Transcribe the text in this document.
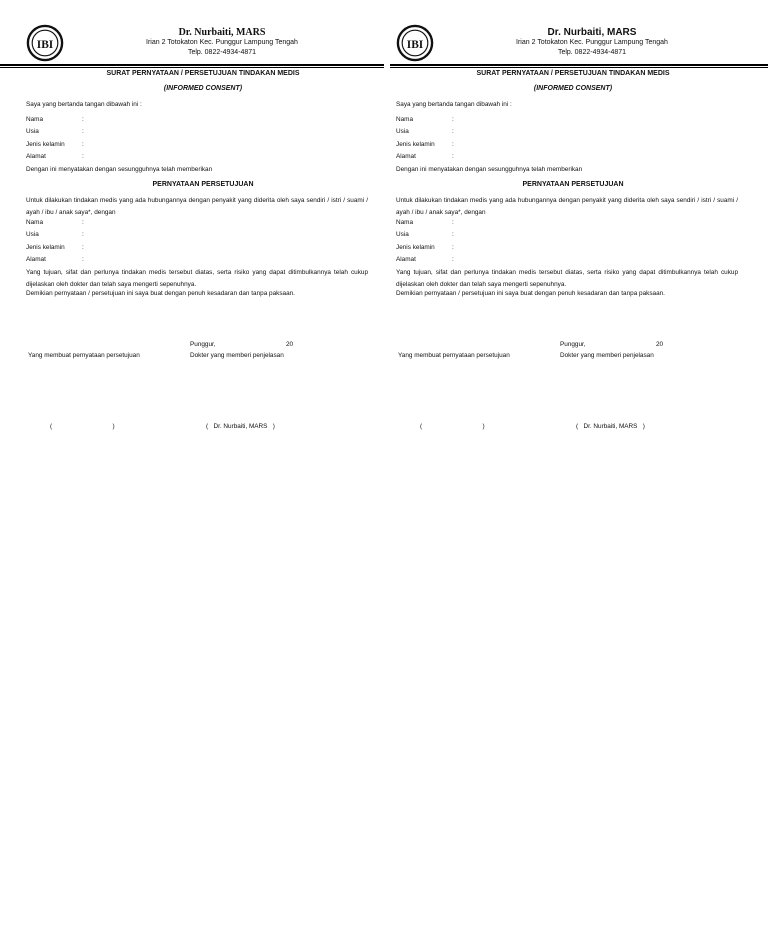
IBI
Dr. Nurbaiti, MARS
Irian 2 Totokaton Kec. Punggur Lampung Tengah
Telp. 0822-4934-4871
SURAT PERNYATAAN / PERSETUJUAN TINDAKAN MEDIS
(INFORMED CONSENT)
Saya yang bertanda tangan dibawah ini :
Nama	:
Usia	:
Jenis kelamin	:
Alamat	:
Dengan ini menyatakan dengan sesungguhnya telah memberikan
PERNYATAAN PERSETUJUAN
Untuk dilakukan tindakan medis yang ada hubungannya dengan penyakit yang diderita oleh saya sendiri / istri / suami / ayah / ibu / anak saya*, dengan
Nama	:
Usia	:
Jenis kelamin	:
Alamat	:
Yang tujuan, sifat dan perlunya tindakan medis tersebut diatas, serta risiko yang dapat ditimbulkannya telah cukup dijelaskan oleh dokter dan telah saya mengerti sepenuhnya.
Demikian pernyataan / persetujuan ini saya buat dengan penuh kesadaran dan tanpa paksaan.
Punggur,	20
Yang membuat pernyataan persetujuan	Dokter yang memberi penjelasan
(                                  )	(   Dr. Nurbaiti, MARS   )
IBI
Dr. Nurbaiti, MARS
Irian 2 Totokaton Kec. Punggur Lampung Tengah
Telp. 0822-4934-4871
SURAT PERNYATAAN / PERSETUJUAN TINDAKAN MEDIS
(INFORMED CONSENT)
Saya yang bertanda tangan dibawah ini :
Nama	:
Usia	:
Jenis kelamin	:
Alamat	:
Dengan ini menyatakan dengan sesungguhnya telah memberikan
PERNYATAAN PERSETUJUAN
Untuk dilakukan tindakan medis yang ada hubungannya dengan penyakit yang diderita oleh saya sendiri / istri / suami / ayah / ibu / anak saya*, dengan
Nama	:
Usia	:
Jenis kelamin	:
Alamat	:
Yang tujuan, sifat dan perlunya tindakan medis tersebut diatas, serta risiko yang dapat ditimbulkannya telah cukup dijelaskan oleh dokter dan telah saya mengerti sepenuhnya.
Demikian pernyataan / persetujuan ini saya buat dengan penuh kesadaran dan tanpa paksaan.
Punggur,	20
Yang membuat pernyataan persetujuan	Dokter yang memberi penjelasan
(                                  )	(   Dr. Nurbaiti, MARS   )
